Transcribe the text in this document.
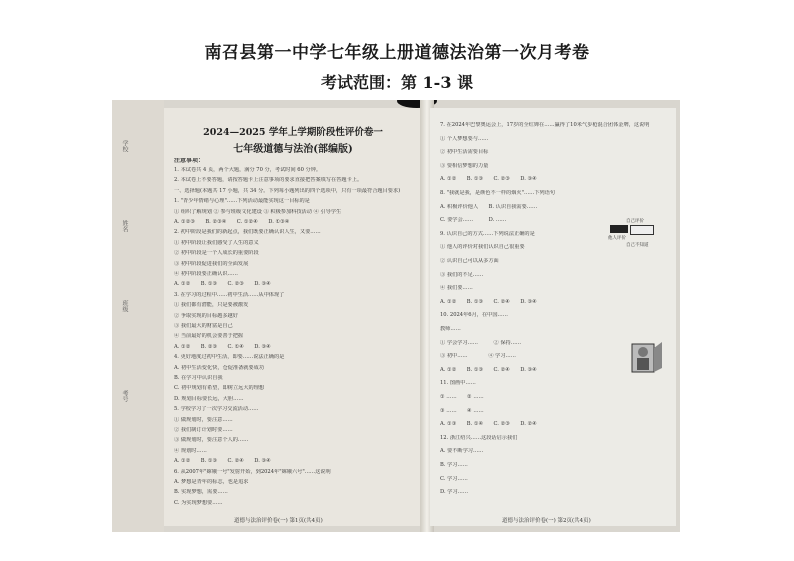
南召县第一中学七年级上册道德法治第一次月考卷
考试范围：第 1-3 课
学校
姓名
班级
考号
2024—2025 学年上学期阶段性评价卷一
七年级道德与法治(部编版)
注意事项：
1. 本试卷共 4 页，两个大题，满分 70 分，考试时间 60 分钟。
2. 本试卷上不要答题，请按答题卡上注意事项的要求直接把答案填写在答题卡上。
一、选择题(本题共 17 小题，共 34 分。下列每小题列出的四个选项中，只有一项最符合题目要求)
1. "青少年情绪与心理"……下列活动最能实现这一目标的是
① 组织了解规划 ② 参与班级文化建设 ③ 积极参加科技活动 ④ 引导学生
A. ①②③　　B. ②③④　　C. ①②④　　D. ①③④
2. 初中阶段是我们的新起点，我们既要正确认识人生，又要……
① 初中阶段让我们感受了人生的意义
② 初中阶段是一个人成长的重要阶段
③ 初中阶段促进我们的全面发展
④ 初中阶段要正确认识……
A. ①②　　B. ①③　　C. ②③　　D. ③④
3. 在学习的过程中……初中生活……从中体现了
① 我们都有潜能，只是要被激发
② 争取实现的目标越多越好
③ 我们最大的财富是自己
④ 当前最好的机会要善于把握
A. ①②　　B. ②③　　C. ①④　　D. ③④
4. 更好地度过初中生活，即要……说法正确的是
A. 初中生活变化快，仓促准备就要成功
B. 在学习中认识自我
C. 初中规划有希望，即树立远大的理想
D. 规划目标要长远，大胆……
5. 学校学习了一次学习交流活动……
① 做规划时，要注意……
② 我们制订计划时要……
③ 做规划时，要注意个人的……
④ 规划时……
A. ①②　　B. ①③　　C. ②④　　D. ③④
6. 从2007年"嫦娥一号"发射开始，到2024年"嫦娥六号"……这说明
A. 梦想是青年的标志，也是追求
B. 实现梦想，需要……
C. 为实现梦想要……
道德与法治评价卷(一) 第1页(共4页)
7. 在2024年巴黎奥运会上，17岁的全红婵在……赢得了10米气步枪混合团体金牌，这说明
① 个人梦想要与……
② 初中生活需要目标
③ 要相信梦想的力量
A. ①②　　B. ①③　　C. ②③　　D. ③④
8. "我就是我，是颜色不一样的烟火"……下列语句
A. 积极评价他人　　B. 认识自我需要……
C. 要学会……　　　D. ……
9. 认识自己的方式……下列说法正确的是
① 他人的评价对我们认识自己很重要
② 认识自己可以从多方面
③ 我们的不足……
④ 我们要……
A. ①②　　B. ①③　　C. ②④　　D. ③④
10. 2024年6月，在中国……
教师……
① 学会学习……　　　② 保持……
③ 初中……　　　　④ 学习……
A. ①②　　B. ①③　　C. ②④　　D. ③④
11. 图画中……
① ……　　② ……
③ ……　　④ ……
A. ①③　　B. ①④　　C. ②③　　D. ②④
12. 浙江绍兴……这段话启示我们
A. 要不断学习……
B. 学习……
C. 学习……
D. 学习……
自己评价
他人评价
自己不知道
道德与法治评价卷(一) 第2页(共4页)
